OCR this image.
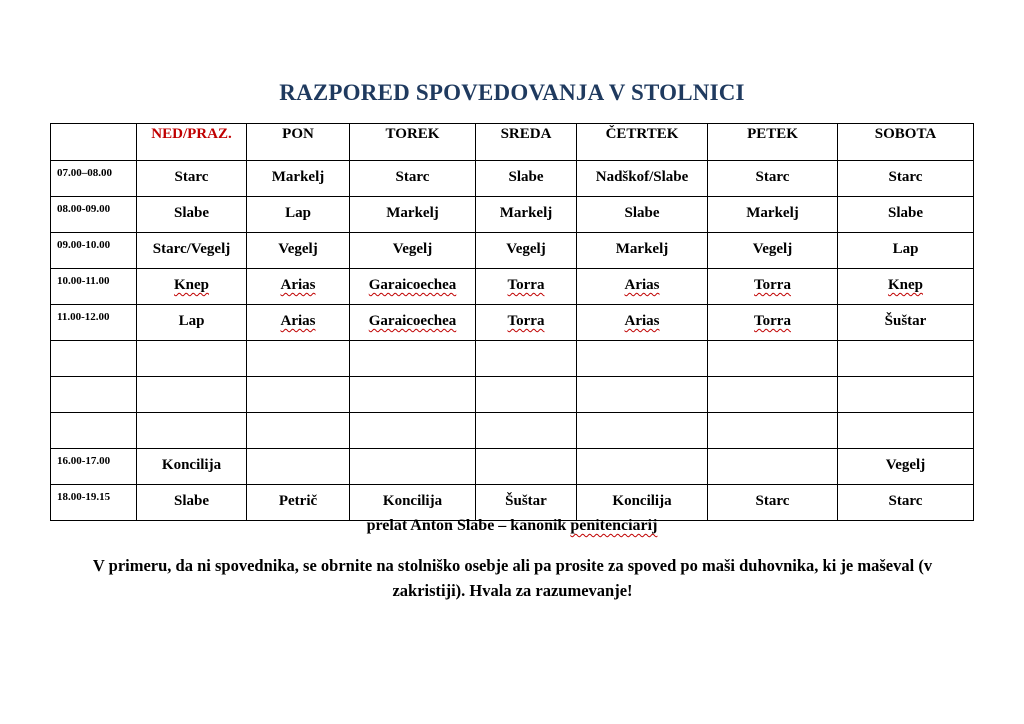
RAZPORED SPOVEDOVANJA V STOLNICI
	NED/PRAZ.	PON	TOREK	SREDA	ČETRTEK	PETEK	SOBOTA
07.00–08.00	Starc	Markelj	Starc	Slabe	Nadškof/Slabe	Starc	Starc
08.00-09.00	Slabe	Lap	Markelj	Markelj	Slabe	Markelj	Slabe
09.00-10.00	Starc/Vegelj	Vegelj	Vegelj	Vegelj	Markelj	Vegelj	Lap
10.00-11.00	Knep	Arias	Garaicoechea	Torra	Arias	Torra	Knep
11.00-12.00	Lap	Arias	Garaicoechea	Torra	Arias	Torra	Šuštar

16.00-17.00	Koncilija						Vegelj
18.00-19.15	Slabe	Petrič	Koncilija	Šuštar	Koncilija	Starc	Starc
prelat Anton Slabe – kanonik penitenciarij
V primeru, da ni spovednika, se obrnite na stolniško osebje ali pa prosite za spoved po maši duhovnika, ki je maševal (v zakristiji). Hvala za razumevanje!
